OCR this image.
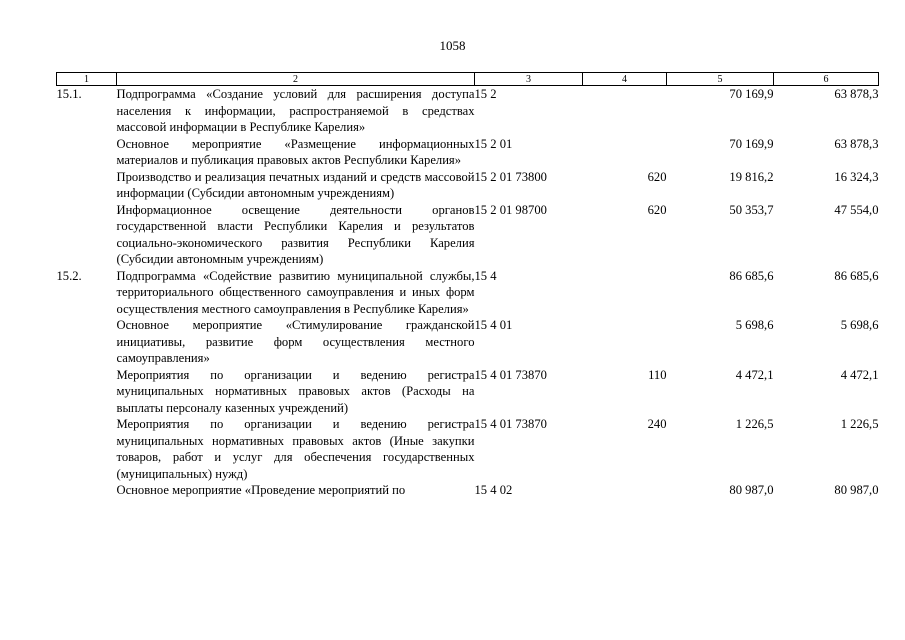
1058
1	2	3	4	5	6
15.1.	Подпрограмма «Создание условий для расширения доступа населения к информации, распространяемой в средствах массовой информации в Республике Карелия»	15 2		70 169,9	63 878,3
	Основное мероприятие «Размещение информационных материалов и публикация правовых актов Республики Карелия»	15 2 01		70 169,9	63 878,3
	Производство и реализация печатных изданий и средств массовой информации (Субсидии автономным учреждениям)	15 2 01 73800	620	19 816,2	16 324,3
	Информационное освещение деятельности органов государственной власти Республики Карелия и результатов социально-экономического развития Республики Карелия (Субсидии автономным учреждениям)	15 2 01 98700	620	50 353,7	47 554,0
15.2.	Подпрограмма «Содействие развитию муниципальной службы, территориального общественного самоуправления и иных форм осуществления местного самоуправления в Республике Карелия»	15 4		86 685,6	86 685,6
	Основное мероприятие «Стимулирование гражданской инициативы, развитие форм осуществления местного самоуправления»	15 4 01		5 698,6	5 698,6
	Мероприятия по организации и ведению регистра муниципальных нормативных правовых актов (Расходы на выплаты персоналу казенных учреждений)	15 4 01 73870	110	4 472,1	4 472,1
	Мероприятия по организации и ведению регистра муниципальных нормативных правовых актов (Иные закупки товаров, работ и услуг для обеспечения государственных (муниципальных) нужд)	15 4 01 73870	240	1 226,5	1 226,5
	Основное мероприятие «Проведение мероприятий по	15 4 02		80 987,0	80 987,0
